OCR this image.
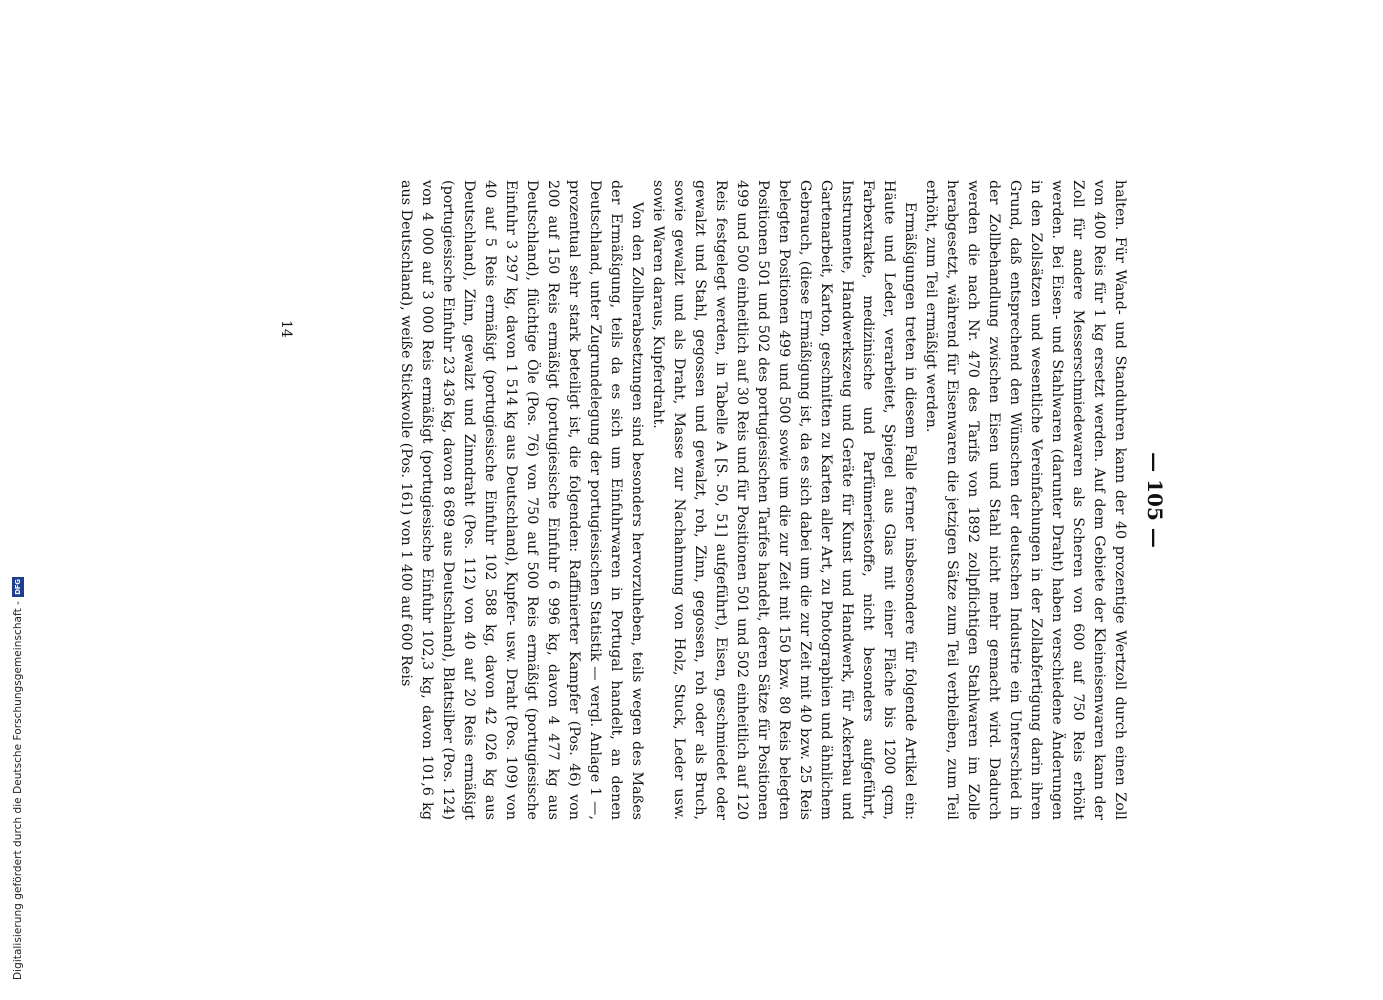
Digitalisierung gefördert durch die Deutsche Forschungsgemeinschaft -
DFG
— 105 —

halten. Für Wand- und Standuhren kann der 40 prozentige Wertzoll durch einen Zoll von 400 Reis für 1 kg ersetzt werden. Auf dem Gebiete der Kleineisenwaren kann der Zoll für andere Messerschmiedewaren als Scheren von 600 auf 750 Reis erhöht werden. Bei Eisen- und Stahlwaren (darunter Draht) haben verschiedene Änderungen in den Zollsätzen und wesentliche Vereinfachungen in der Zollabfertigung darin ihren Grund, daß entsprechend den Wünschen der deutschen Industrie ein Unterschied in der Zollbehandlung zwischen Eisen und Stahl nicht mehr gemacht wird. Dadurch werden die nach Nr. 470 des Tarifs von 1892 zollpflichtigen Stahlwaren im Zolle herabgesetzt, während für Eisenwaren die jetzigen Sätze zum Teil verbleiben, zum Teil erhöht, zum Teil ermäßigt werden.

Ermäßigungen treten in diesem Falle ferner insbesondere für folgende Artikel ein: Häute und Leder, verarbeitet, Spiegel aus Glas mit einer Fläche bis 1200 qcm, Farbextrakte, medizinische und Parfümeriestoffe, nicht besonders aufgeführt, Instrumente, Handwerkszeug und Geräte für Kunst und Handwerk, für Ackerbau und Gartenarbeit, Karton, geschnitten zu Karten aller Art, zu Photographien und ähnlichem Gebrauch, (diese Ermäßigung ist, da es sich dabei um die zur Zeit mit 40 bzw. 25 Reis belegten Positionen 499 und 500 sowie um die zur Zeit mit 150 bzw. 80 Reis belegten Positionen 501 und 502 des portugiesischen Tarifes handelt, deren Sätze für Positionen 499 und 500 einheitlich auf 30 Reis und für Positionen 501 und 502 einheitlich auf 120 Reis festgelegt werden, in Tabelle A [S. 50, 51] aufgeführt), Eisen, geschmiedet oder gewalzt und Stahl, gegossen und gewalzt, roh, Zinn, gegossen, roh oder als Bruch, sowie gewalzt und als Draht, Masse zur Nachahmung von Holz, Stuck, Leder usw. sowie Waren daraus, Kupferdraht.

Von den Zollherabsetzungen sind besonders hervorzuheben, teils wegen des Maßes der Ermäßigung, teils da es sich um Einfuhrwaren in Portugal handelt, an denen Deutschland, unter Zugrundelegung der portugiesischen Statistik — vergl. Anlage 1 —, prozentual sehr stark beteiligt ist, die folgenden: Raffinierter Kampfer (Pos. 46) von 200 auf 150 Reis ermäßigt (portugiesische Einfuhr 6 996 kg, davon 4 477 kg aus Deutschland), flüchtige Öle (Pos. 76) von 750 auf 500 Reis ermäßigt (portugiesische Einfuhr 3 297 kg, davon 1 514 kg aus Deutschland), Kupfer- usw. Draht (Pos. 109) von 40 auf 5 Reis ermäßigt (portugiesische Einfuhr 102 588 kg, davon 42 026 kg aus Deutschland), Zinn, gewalzt und Zinndraht (Pos. 112) von 40 auf 20 Reis ermäßigt (portugiesische Einfuhr 23 436 kg, davon 8 689 aus Deutschland), Blattsilber (Pos. 124) von 4 000 auf 3 000 Reis ermäßigt (portugiesische Einfuhr 102,3 kg, davon 101,6 kg aus Deutschland), weiße Stickwolle (Pos. 161) von 1 400 auf 600 Reis

14
